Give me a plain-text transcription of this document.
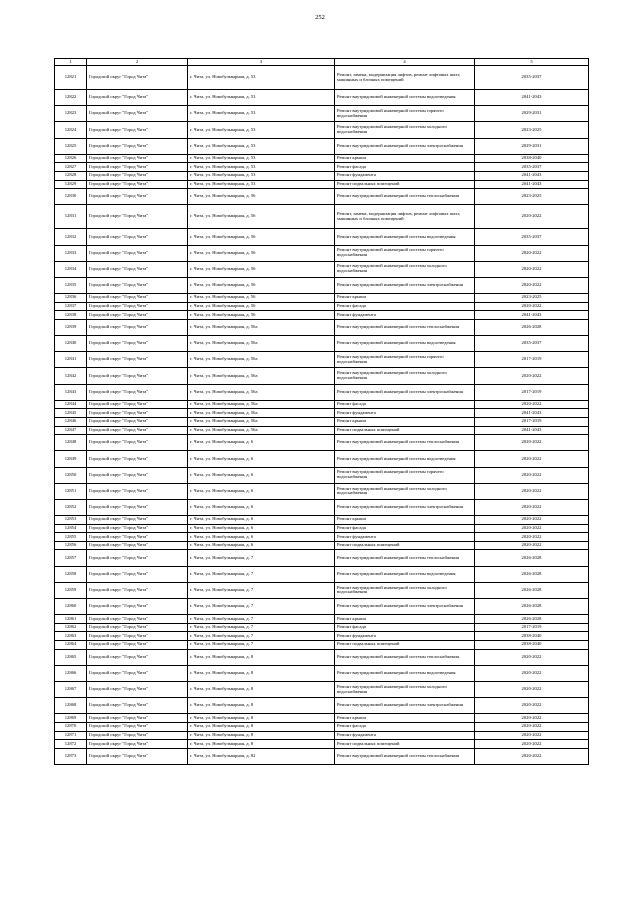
252
1	2	3	4	5
12821	Городской округ "Город Чита"	г. Чита, ул. Новобульварная, д. 53	Ремонт, замена, модернизация лифтов, ремонт лифтовых шахт, машинных и блочных помещений	2035-2037
12822	Городской округ "Город Чита"	г. Чита, ул. Новобульварная, д. 53	Ремонт внутридомовой инженерной системы водоотведения	2041-2043
12823	Городской округ "Город Чита"	г. Чита, ул. Новобульварная, д. 53	Ремонт внутридомовой инженерной системы горячего водоснабжения	2029-2031
12824	Городской округ "Город Чита"	г. Чита, ул. Новобульварная, д. 53	Ремонт внутридомовой инженерной системы холодного водоснабжения	2023-2025
12825	Городской округ "Город Чита"	г. Чита, ул. Новобульварная, д. 53	Ремонт внутридомовой инженерной системы электроснабжения	2029-2031
12826	Городской округ "Город Чита"	г. Чита, ул. Новобульварная, д. 53	Ремонт крыши	2038-2040
12827	Городской округ "Город Чита"	г. Чита, ул. Новобульварная, д. 53	Ремонт фасада	2035-2037
12828	Городской округ "Город Чита"	г. Чита, ул. Новобульварная, д. 53	Ремонт фундамента	2041-2043
12829	Городской округ "Город Чита"	г. Чита, ул. Новобульварная, д. 53	Ремонт подвальных помещений	2041-2043
12830	Городской округ "Город Чита"	г. Чита, ул. Новобульварная, д. 56	Ремонт внутридомовой инженерной системы теплоснабжения	2023-2025
12831	Городской округ "Город Чита"	г. Чита, ул. Новобульварная, д. 56	Ремонт, замена, модернизация лифтов, ремонт лифтовых шахт, машинных и блочных помещений	2020-2022
12832	Городской округ "Город Чита"	г. Чита, ул. Новобульварная, д. 56	Ремонт внутридомовой инженерной системы водоотведения	2035-2037
12833	Городской округ "Город Чита"	г. Чита, ул. Новобульварная, д. 56	Ремонт внутридомовой инженерной системы горячего водоснабжения	2020-2022
12834	Городской округ "Город Чита"	г. Чита, ул. Новобульварная, д. 56	Ремонт внутридомовой инженерной системы холодного водоснабжения	2020-2022
12835	Городской округ "Город Чита"	г. Чита, ул. Новобульварная, д. 56	Ремонт внутридомовой инженерной системы электроснабжения	2020-2022
12836	Городской округ "Город Чита"	г. Чита, ул. Новобульварная, д. 56	Ремонт крыши	2023-2025
12837	Городской округ "Город Чита"	г. Чита, ул. Новобульварная, д. 56	Ремонт фасада	2020-2022
12838	Городской округ "Город Чита"	г. Чита, ул. Новобульварная, д. 56	Ремонт фундамента	2041-2043
12839	Городской округ "Город Чита"	г. Чита, ул. Новобульварная, д. 56а	Ремонт внутридомовой инженерной системы теплоснабжения	2026-2028
12840	Городской округ "Город Чита"	г. Чита, ул. Новобульварная, д. 56а	Ремонт внутридомовой инженерной системы водоотведения	2035-2037
12841	Городской округ "Город Чита"	г. Чита, ул. Новобульварная, д. 56а	Ремонт внутридомовой инженерной системы горячего водоснабжения	2017-2019
12842	Городской округ "Город Чита"	г. Чита, ул. Новобульварная, д. 56а	Ремонт внутридомовой инженерной системы холодного водоснабжения	2020-2022
12843	Городской округ "Город Чита"	г. Чита, ул. Новобульварная, д. 56а	Ремонт внутридомовой инженерной системы электроснабжения	2017-2019
12844	Городской округ "Город Чита"	г. Чита, ул. Новобульварная, д. 56а	Ремонт фасада	2020-2022
12845	Городской округ "Город Чита"	г. Чита, ул. Новобульварная, д. 56а	Ремонт фундамента	2041-2043
12846	Городской округ "Город Чита"	г. Чита, ул. Новобульварная, д. 56а	Ремонт крыши	2017-2019
12847	Городской округ "Город Чита"	г. Чита, ул. Новобульварная, д. 56а	Ремонт подвальных помещений	2041-2043
12848	Городской округ "Город Чита"	г. Чита, ул. Новобульварная, д. 6	Ремонт внутридомовой инженерной системы теплоснабжения	2020-2022
12849	Городской округ "Город Чита"	г. Чита, ул. Новобульварная, д. 6	Ремонт внутридомовой инженерной системы водоотведения	2020-2022
12850	Городской округ "Город Чита"	г. Чита, ул. Новобульварная, д. 6	Ремонт внутридомовой инженерной системы горячего водоснабжения	2020-2022
12851	Городской округ "Город Чита"	г. Чита, ул. Новобульварная, д. 6	Ремонт внутридомовой инженерной системы холодного водоснабжения	2020-2022
12852	Городской округ "Город Чита"	г. Чита, ул. Новобульварная, д. 6	Ремонт внутридомовой инженерной системы электроснабжения	2020-2022
12853	Городской округ "Город Чита"	г. Чита, ул. Новобульварная, д. 6	Ремонт крыши	2020-2022
12854	Городской округ "Город Чита"	г. Чита, ул. Новобульварная, д. 6	Ремонт фасада	2020-2022
12855	Городской округ "Город Чита"	г. Чита, ул. Новобульварная, д. 6	Ремонт фундамента	2020-2022
12856	Городской округ "Город Чита"	г. Чита, ул. Новобульварная, д. 6	Ремонт подвальных помещений	2020-2022
12857	Городской округ "Город Чита"	г. Чита, ул. Новобульварная, д. 7	Ремонт внутридомовой инженерной системы теплоснабжения	2026-2028
12858	Городской округ "Город Чита"	г. Чита, ул. Новобульварная, д. 7	Ремонт внутридомовой инженерной системы водоотведения	2026-2028
12859	Городской округ "Город Чита"	г. Чита, ул. Новобульварная, д. 7	Ремонт внутридомовой инженерной системы холодного водоснабжения	2026-2028
12860	Городской округ "Город Чита"	г. Чита, ул. Новобульварная, д. 7	Ремонт внутридомовой инженерной системы электроснабжения	2026-2028
12861	Городской округ "Город Чита"	г. Чита, ул. Новобульварная, д. 7	Ремонт крыши	2026-2028
12862	Городской округ "Город Чита"	г. Чита, ул. Новобульварная, д. 7	Ремонт фасада	2017-2019
12863	Городской округ "Город Чита"	г. Чита, ул. Новобульварная, д. 7	Ремонт фундамента	2038-2040
12864	Городской округ "Город Чита"	г. Чита, ул. Новобульварная, д. 7	Ремонт подвальных помещений	2038-2040
12865	Городской округ "Город Чита"	г. Чита, ул. Новобульварная, д. 8	Ремонт внутридомовой инженерной системы теплоснабжения	2020-2022
12866	Городской округ "Город Чита"	г. Чита, ул. Новобульварная, д. 8	Ремонт внутридомовой инженерной системы водоотведения	2020-2022
12867	Городской округ "Город Чита"	г. Чита, ул. Новобульварная, д. 8	Ремонт внутридомовой инженерной системы холодного водоснабжения	2020-2022
12868	Городской округ "Город Чита"	г. Чита, ул. Новобульварная, д. 8	Ремонт внутридомовой инженерной системы электроснабжения	2020-2022
12869	Городской округ "Город Чита"	г. Чита, ул. Новобульварная, д. 8	Ремонт крыши	2020-2022
12870	Городской округ "Город Чита"	г. Чита, ул. Новобульварная, д. 8	Ремонт фасада	2020-2022
12871	Городской округ "Город Чита"	г. Чита, ул. Новобульварная, д. 8	Ремонт фундамента	2020-2022
12872	Городской округ "Город Чита"	г. Чита, ул. Новобульварная, д. 8	Ремонт подвальных помещений	2020-2022
12873	Городской округ "Город Чита"	г. Чита, ул. Новобульварная, д. 82	Ремонт внутридомовой инженерной системы теплоснабжения	2020-2022
